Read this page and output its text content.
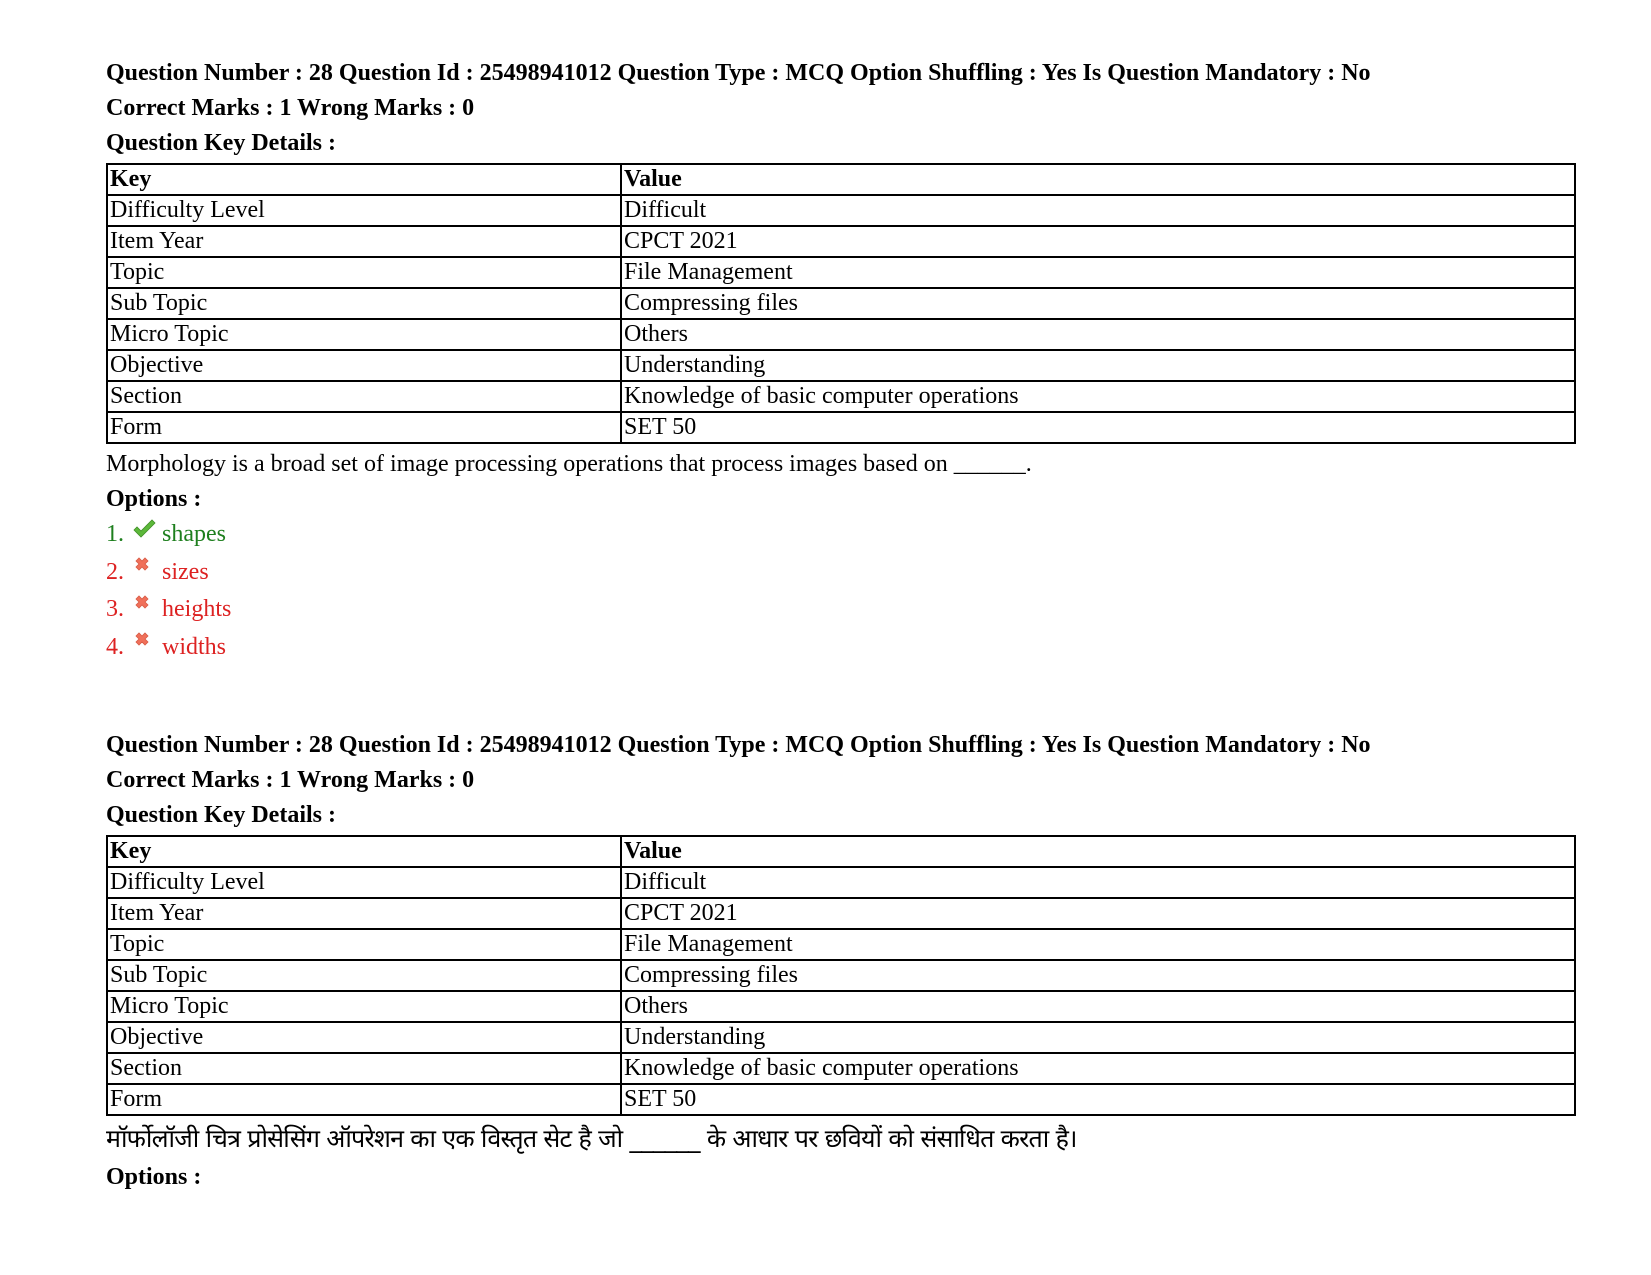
Question Number : 28 Question Id : 25498941012 Question Type : MCQ Option Shuffling : Yes Is Question Mandatory : No
Correct Marks : 1 Wrong Marks : 0
Question Key Details :
Key	Value
Difficulty Level	Difficult
Item Year	CPCT 2021
Topic	File Management
Sub Topic	Compressing files
Micro Topic	Others
Objective	Understanding
Section	Knowledge of basic computer operations
Form	SET 50
Morphology is a broad set of image processing operations that process images based on ______.
Options :
1.	shapes
2.	sizes
3.	heights
4.	widths
Question Number : 28 Question Id : 25498941012 Question Type : MCQ Option Shuffling : Yes Is Question Mandatory : No
Correct Marks : 1 Wrong Marks : 0
Question Key Details :
Key	Value
Difficulty Level	Difficult
Item Year	CPCT 2021
Topic	File Management
Sub Topic	Compressing files
Micro Topic	Others
Objective	Understanding
Section	Knowledge of basic computer operations
Form	SET 50
मॉर्फोलॉजी चित्र प्रोसेसिंग ऑपरेशन का एक विस्तृत सेट है जो ______ के आधार पर छवियों को संसाधित करता है।
Options :
